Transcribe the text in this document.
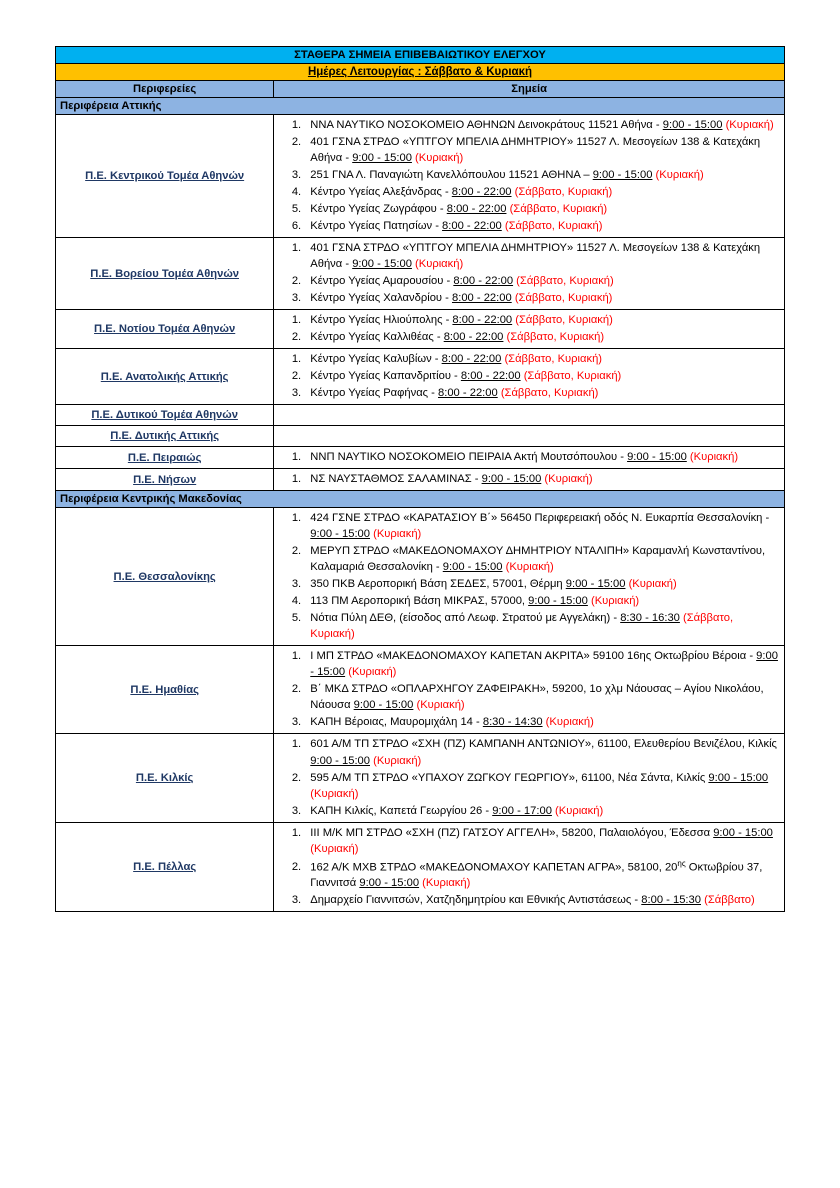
ΣΤΑΘΕΡΑ ΣΗΜΕΙΑ ΕΠΙΒΕΒΑΙΩΤΙΚΟΥ ΕΛΕΓΧΟΥ	
Ημέρες Λειτουργίας : Σάββατο & Κυριακή	
Περιφερείες	Σημεία
Περιφέρεια Αττικής	
Π.Ε. Κεντρικού Τομέα Αθηνών	
1. ΝΝΑ ΝΑΥΤΙΚΟ ΝΟΣΟΚΟΜΕΙΟ ΑΘΗΝΩΝ Δεινοκράτους 11521 Αθήνα - 9:00 - 15:00 (Κυριακή)
2. 401 ΓΣΝΑ ΣΤΡΔΟ «ΥΠΤΓΟΥ ΜΠΕΛΙΑ ΔΗΜΗΤΡΙΟΥ» 11527 Λ. Μεσογείων 138 & Κατεχάκη Αθήνα - 9:00 - 15:00 (Κυριακή)
3. 251 ΓΝΑ Λ. Παναγιώτη Κανελλόπουλου 11521 ΑΘΗΝΑ – 9:00 - 15:00 (Κυριακή)
4. Κέντρο Υγείας Αλεξάνδρας - 8:00 - 22:00 (Σάββατο, Κυριακή)
5. Κέντρο Υγείας Ζωγράφου - 8:00 - 22:00 (Σάββατο, Κυριακή)
6. Κέντρο Υγείας Πατησίων - 8:00 - 22:00 (Σάββατο, Κυριακή)

Π.Ε. Βορείου Τομέα Αθηνών	
1. 401 ΓΣΝΑ ΣΤΡΔΟ «ΥΠΤΓΟΥ ΜΠΕΛΙΑ ΔΗΜΗΤΡΙΟΥ» 11527 Λ. Μεσογείων 138 & Κατεχάκη Αθήνα - 9:00 - 15:00 (Κυριακή)
2. Κέντρο Υγείας Αμαρουσίου - 8:00 - 22:00 (Σάββατο, Κυριακή)
3. Κέντρο Υγείας Χαλανδρίου - 8:00 - 22:00 (Σάββατο, Κυριακή)

Π.Ε. Νοτίου Τομέα Αθηνών	
1. Κέντρο Υγείας Ηλιούπολης - 8:00 - 22:00 (Σάββατο, Κυριακή)
2. Κέντρο Υγείας Καλλιθέας - 8:00 - 22:00 (Σάββατο, Κυριακή)

Π.Ε. Ανατολικής Αττικής	
1. Κέντρο Υγείας Καλυβίων - 8:00 - 22:00 (Σάββατο, Κυριακή)
2. Κέντρο Υγείας Καπανδριτίου - 8:00 - 22:00 (Σάββατο, Κυριακή)
3. Κέντρο Υγείας Ραφήνας - 8:00 - 22:00 (Σάββατο, Κυριακή)

Π.Ε. Δυτικού Τομέα Αθηνών	
Π.Ε. Δυτικής Αττικής	
Π.Ε. Πειραιώς	
1.ΝΝΠ ΝΑΥΤΙΚΟ ΝΟΣΟΚΟΜΕΙΟ ΠΕΙΡΑΙΑ Ακτή Μουτσόπουλου - 9:00 - 15:00 (Κυριακή)

Π.Ε. Νήσων	
1.ΝΣ ΝΑΥΣΤΑΘΜΟΣ ΣΑΛΑΜΙΝΑΣ - 9:00 - 15:00 (Κυριακή)

Περιφέρεια Κεντρικής Μακεδονίας	
Π.Ε. Θεσσαλονίκης	
1. 424 ΓΣΝΕ ΣΤΡΔΟ «ΚΑΡΑΤΑΣΙΟΥ Β΄» 56450 Περιφερειακή οδός Ν. Ευκαρπία Θεσσαλονίκη - 9:00 - 15:00 (Κυριακή)
2. ΜΕΡΥΠ ΣΤΡΔΟ «ΜΑΚΕΔΟΝΟΜΑΧΟΥ ΔΗΜΗΤΡΙΟΥ ΝΤΑΛΙΠΗ» Καραμανλή Κωνσταντίνου, Καλαμαριά Θεσσαλονίκη - 9:00 - 15:00 (Κυριακή)
3. 350 ΠΚΒ Αεροπορική Βάση ΣΕΔΕΣ, 57001, Θέρμη 9:00 - 15:00 (Κυριακή)
4. 113 ΠΜ Αεροπορική Βάση ΜΙΚΡΑΣ, 57000, 9:00 - 15:00 (Κυριακή)
5. Νότια Πύλη ΔΕΘ, (είσοδος από Λεωφ. Στρατού με Αγγελάκη) - 8:30 - 16:30 (Σάββατο, Κυριακή)

Π.Ε. Ημαθίας	
1. Ι ΜΠ ΣΤΡΔΟ «ΜΑΚΕΔΟΝΟΜΑΧΟΥ ΚΑΠΕΤΑΝ ΑΚΡΙΤΑ» 59100 16ης Οκτωβρίου Βέροια - 9:00 - 15:00 (Κυριακή)
2. Β΄ ΜΚΔ ΣΤΡΔΟ «ΟΠΛΑΡΧΗΓΟΥ ΖΑΦΕΙΡΑΚΗ», 59200, 1ο χλμ Νάουσας – Αγίου Νικολάου, Νάουσα 9:00 - 15:00 (Κυριακή)
3. ΚΑΠΗ Βέροιας, Μαυρομιχάλη 14 - 8:30 - 14:30 (Κυριακή)

Π.Ε. Κιλκίς	
1. 601 Α/Μ ΤΠ ΣΤΡΔΟ «ΣΧΗ (ΠΖ) ΚΑΜΠΑΝΗ ΑΝΤΩΝΙΟΥ», 61100, Ελευθερίου Βενιζέλου, Κιλκίς 9:00 - 15:00 (Κυριακή)
2. 595 Α/Μ ΤΠ ΣΤΡΔΟ «ΥΠΑΧΟΥ ΖΩΓΚΟΥ ΓΕΩΡΓΙΟΥ», 61100, Νέα Σάντα, Κιλκίς 9:00 - 15:00 (Κυριακή)
3. ΚΑΠΗ Κιλκίς, Καπετά Γεωργίου 26 - 9:00 - 17:00 (Κυριακή)

Π.Ε. Πέλλας	
1. ΙΙΙ Μ/Κ ΜΠ ΣΤΡΔΟ «ΣΧΗ (ΠΖ) ΓΑΤΣΟΥ ΑΓΓΕΛΗ», 58200, Παλαιολόγου, Έδεσσα 9:00 - 15:00 (Κυριακή)
2. 162 Α/Κ ΜΧΒ ΣΤΡΔΟ «ΜΑΚΕΔΟΝΟΜΑΧΟΥ ΚΑΠΕΤΑΝ ΑΓΡΑ», 58100, $20^{\eta\varsigma}$ Οκτωβρίου 37, Γιαννιτσά 9:00 - 15:00 (Κυριακή)
3. Δημαρχείο Γιαννιτσών, Χατζηδημητρίου και Εθνικής Αντιστάσεως - 8:00 - 15:30 (Σάββατο)
